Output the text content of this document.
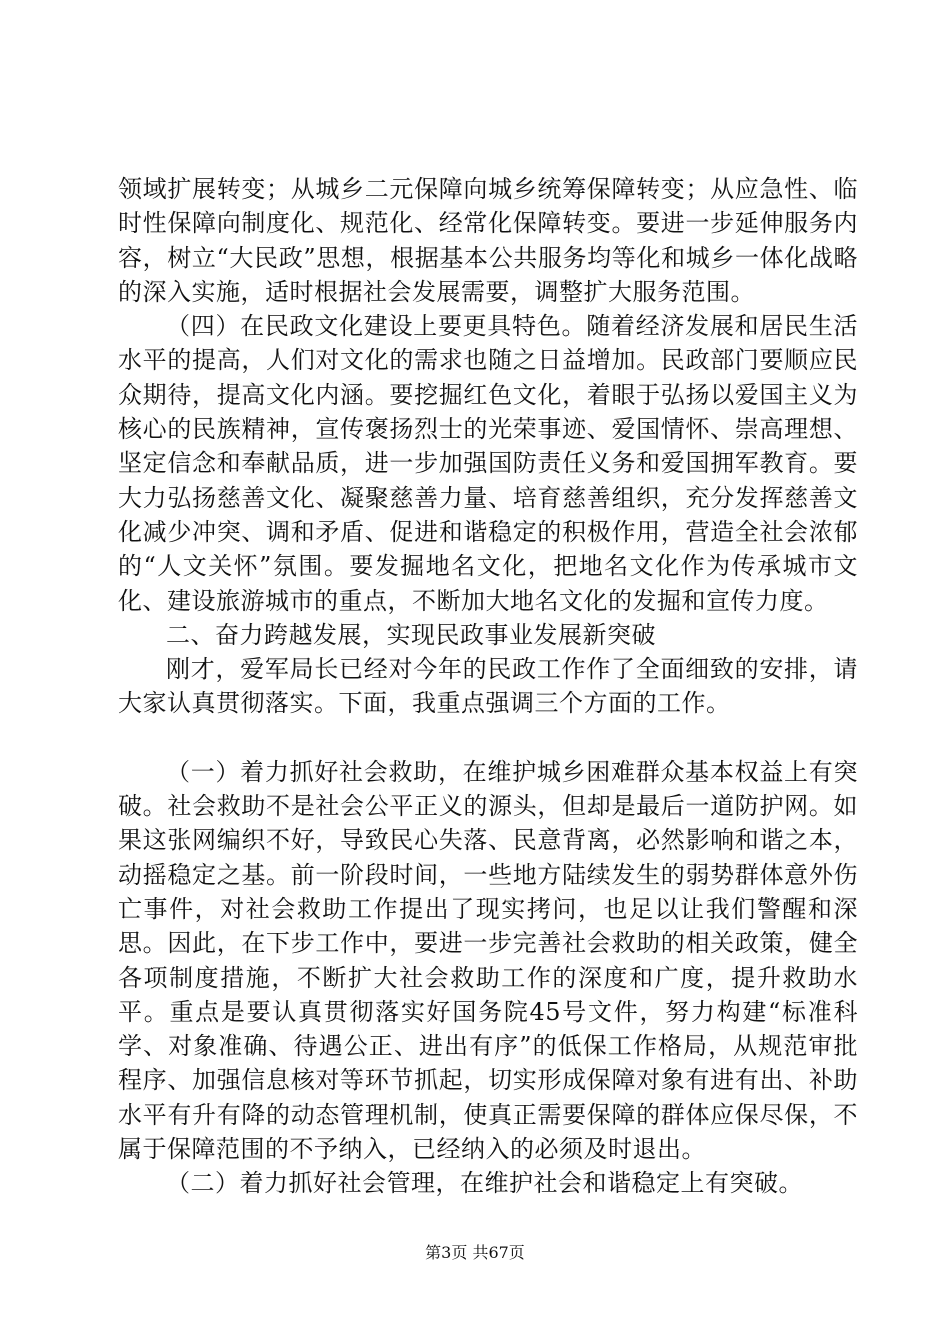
领域扩展转变；从城乡二元保障向城乡统筹保障转变；从应急性、临时性保障向制度化、规范化、经常化保障转变。要进一步延伸服务内容，树立“大民政”思想，根据基本公共服务均等化和城乡一体化战略的深入实施，适时根据社会发展需要，调整扩大服务范围。

（四）在民政文化建设上要更具特色。随着经济发展和居民生活水平的提高，人们对文化的需求也随之日益增加。民政部门要顺应民众期待，提高文化内涵。要挖掘红色文化，着眼于弘扬以爱国主义为核心的民族精神，宣传褒扬烈士的光荣事迹、爱国情怀、崇高理想、坚定信念和奉献品质，进一步加强国防责任义务和爱国拥军教育。要大力弘扬慈善文化、凝聚慈善力量、培育慈善组织，充分发挥慈善文化减少冲突、调和矛盾、促进和谐稳定的积极作用，营造全社会浓郁的“人文关怀”氛围。要发掘地名文化，把地名文化作为传承城市文化、建设旅游城市的重点，不断加大地名文化的发掘和宣传力度。

二、奋力跨越发展，实现民政事业发展新突破

刚才，爱军局长已经对今年的民政工作作了全面细致的安排，请大家认真贯彻落实。下面，我重点强调三个方面的工作。

（一）着力抓好社会救助，在维护城乡困难群众基本权益上有突破。社会救助不是社会公平正义的源头，但却是最后一道防护网。如果这张网编织不好，导致民心失落、民意背离，必然影响和谐之本，动摇稳定之基。前一阶段时间，一些地方陆续发生的弱势群体意外伤亡事件，对社会救助工作提出了现实拷问，也足以让我们警醒和深思。因此，在下步工作中，要进一步完善社会救助的相关政策，健全各项制度措施，不断扩大社会救助工作的深度和广度，提升救助水平。重点是要认真贯彻落实好国务院45号文件，努力构建“标准科学、对象准确、待遇公正、进出有序”的低保工作格局，从规范审批程序、加强信息核对等环节抓起，切实形成保障对象有进有出、补助水平有升有降的动态管理机制，使真正需要保障的群体应保尽保，不属于保障范围的不予纳入，已经纳入的必须及时退出。

（二）着力抓好社会管理，在维护社会和谐稳定上有突破。

第3页 共67页
